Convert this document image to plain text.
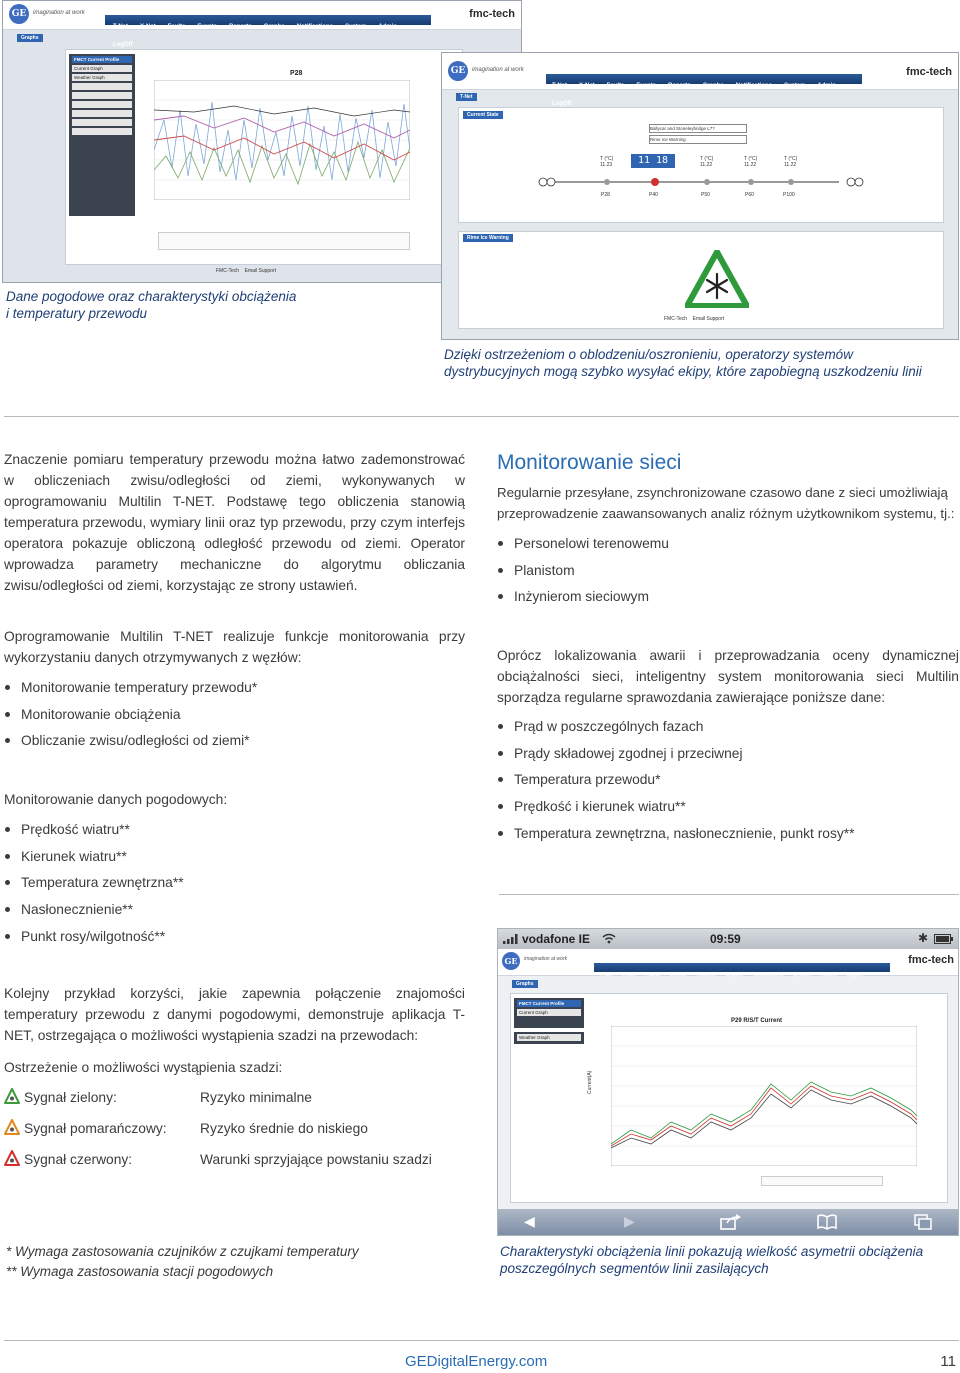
GE	imagination at work	fmc-tech
T-Net X-Net Faults Events Reports Graphs Notifications System AdminLogOff
Graphs
FMCT Current Profile
Current Graph
Weather Graph
P28
FMC-Tech    Email Support
Dane pogodowe oraz charakterystyki obciążenia
i temperatury przewodu
GE	imagination at work	fmc-tech
T-Net X-Net Faults Events Reports Graphs Notifications System AdminLogOff
T-Net
Current State
Ballycar and Stoneleybridge L7?
Rime Ice Warning
11 18
T (°C)
11.23
T (°C)
11.22
T (°C)
11.22
T (°C)
11.22
P28	P40	P50	P60	P100
Rime Ice Warning
FMC-Tech    Email Support
Dzięki ostrzeżeniom o oblodzeniu/oszronieniu, operatorzy systemów
dystrybucyjnych mogą szybko wysyłać ekipy, które zapobiegną uszkodzeniu linii
Znaczenie pomiaru temperatury przewodu można łatwo zademonstrować w obliczeniach zwisu/odległości od ziemi, wykonywanych w oprogramowaniu Multilin T-NET. Podstawę tego obliczenia stanowią temperatura przewodu, wymiary linii oraz typ przewodu, przy czym interfejs operatora pokazuje obliczoną odległość przewodu od ziemi. Operator wprowadza parametry mechaniczne do algorytmu obliczania zwisu/odległości od ziemi, korzystając ze strony ustawień.
Oprogramowanie Multilin T-NET realizuje funkcje monitorowania przy wykorzystaniu danych otrzymywanych z węzłów:
Monitorowanie temperatury przewodu*
Monitorowanie obciążenia
Obliczanie zwisu/odległości od ziemi*
Monitorowanie danych pogodowych:
Prędkość wiatru**
Kierunek wiatru**
Temperatura zewnętrzna**
Nasłonecznienie**
Punkt rosy/wilgotność**
Kolejny przykład korzyści, jakie zapewnia połączenie znajomości temperatury przewodu z danymi pogodowymi, demonstruje aplikacja T-NET, ostrzegająca o możliwości wystąpienia szadzi na przewodach:
Ostrzeżenie o możliwości wystąpienia szadzi:
Sygnał zielony:	Ryzyko minimalne
Sygnał pomarańczowy: Ryzyko średnie do niskiego
Sygnał czerwony:	Warunki sprzyjające powstaniu szadzi
* Wymaga zastosowania czujników z czujkami temperatury
** Wymaga zastosowania stacji pogodowych
Monitorowanie sieci
Regularnie przesyłane, zsynchronizowane czasowo dane z sieci umożliwiają przeprowadzenie zaawansowanych analiz różnym użytkownikom systemu, tj.:
Personelowi terenowemu
Planistom
Inżynierom sieciowym
Oprócz lokalizowania awarii i przeprowadzania oceny dynamicznej obciążalności sieci, inteligentny system monitorowania sieci Multilin sporządza regularne sprawozdania zawierające poniższe dane:
Prąd w poszczególnych fazach
Prądy składowej zgodnej i przeciwnej
Temperatura przewodu*
Prędkość i kierunek wiatru**
Temperatura zewnętrzna, nasłonecznienie, punkt rosy**
vodafone IE	09:59	✱
GE	imagination at work	fmc-tech
T-Net X-Net Faults Events Reports Graphs Notifications System Admin LogOff
Graphs
FMCT Current Profile
Current Graph
Weather Graph
P29 R/S/T Current
Current(A)
◀	▶
Charakterystyki obciążenia linii pokazują wielkość asymetrii obciążenia
poszczególnych segmentów linii zasilających
GEDigitalEnergy.com	11
